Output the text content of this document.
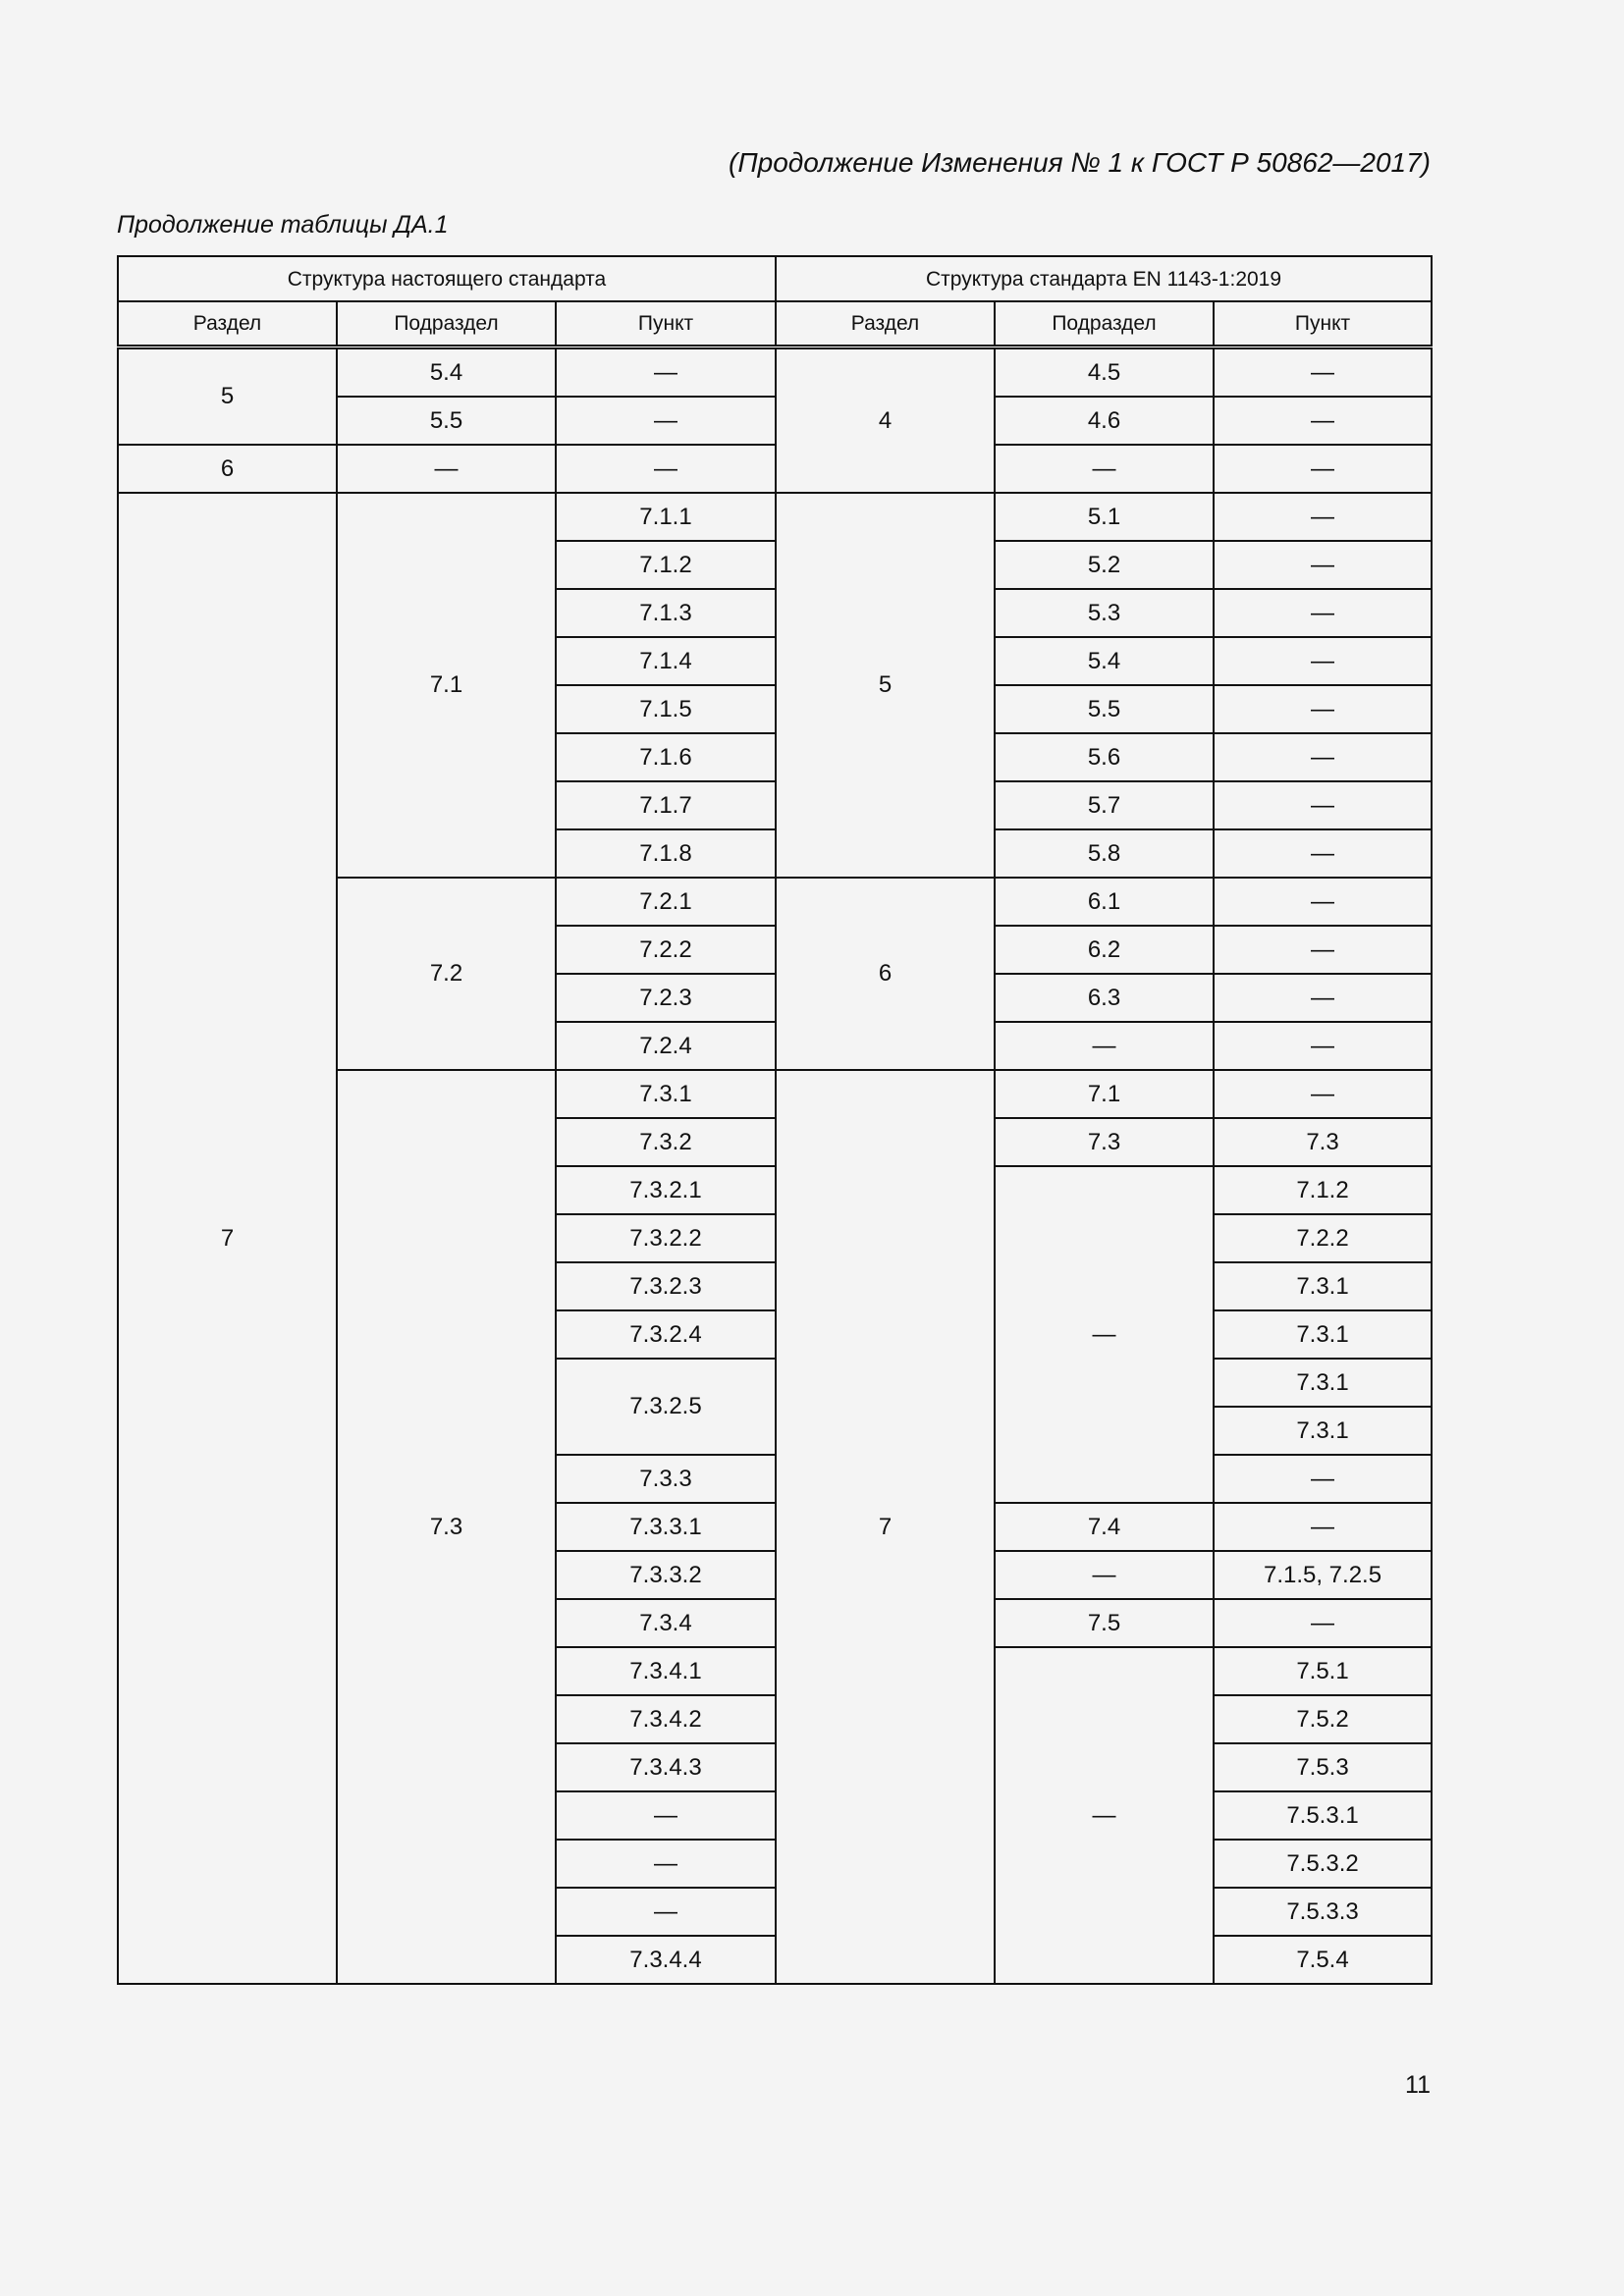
(Продолжение Изменения № 1 к ГОСТ Р 50862—2017)
Продолжение таблицы ДА.1
Структура настоящего стандарта			Структура стандарта EN 1143-1:2019		
Раздел	Подраздел	Пункт	Раздел	Подраздел	Пункт
5	5.4	—	4	4.5	—
	5.5	—		4.6	—
6	—	—		—	—
7	7.1	7.1.1	5	5.1	—
		7.1.2		5.2	—
		7.1.3		5.3	—
		7.1.4		5.4	—
		7.1.5		5.5	—
		7.1.6		5.6	—
		7.1.7		5.7	—
		7.1.8		5.8	—
	7.2	7.2.1	6	6.1	—
		7.2.2		6.2	—
		7.2.3		6.3	—
		7.2.4		—	—
	7.3	7.3.1	7	7.1	—
		7.3.2		7.3	7.3
		7.3.2.1		—	7.1.2
		7.3.2.2			7.2.2
		7.3.2.3			7.3.1
		7.3.2.4			7.3.1
		7.3.2.5			7.3.1
					7.3.1
		7.3.3			—
		7.3.3.1		7.4	—
		7.3.3.2		—	7.1.5, 7.2.5
		7.3.4		7.5	—
		7.3.4.1		—	7.5.1
		7.3.4.2			7.5.2
		7.3.4.3			7.5.3
		—			7.5.3.1
		—			7.5.3.2
		—			7.5.3.3
		7.3.4.4			7.5.4
11
